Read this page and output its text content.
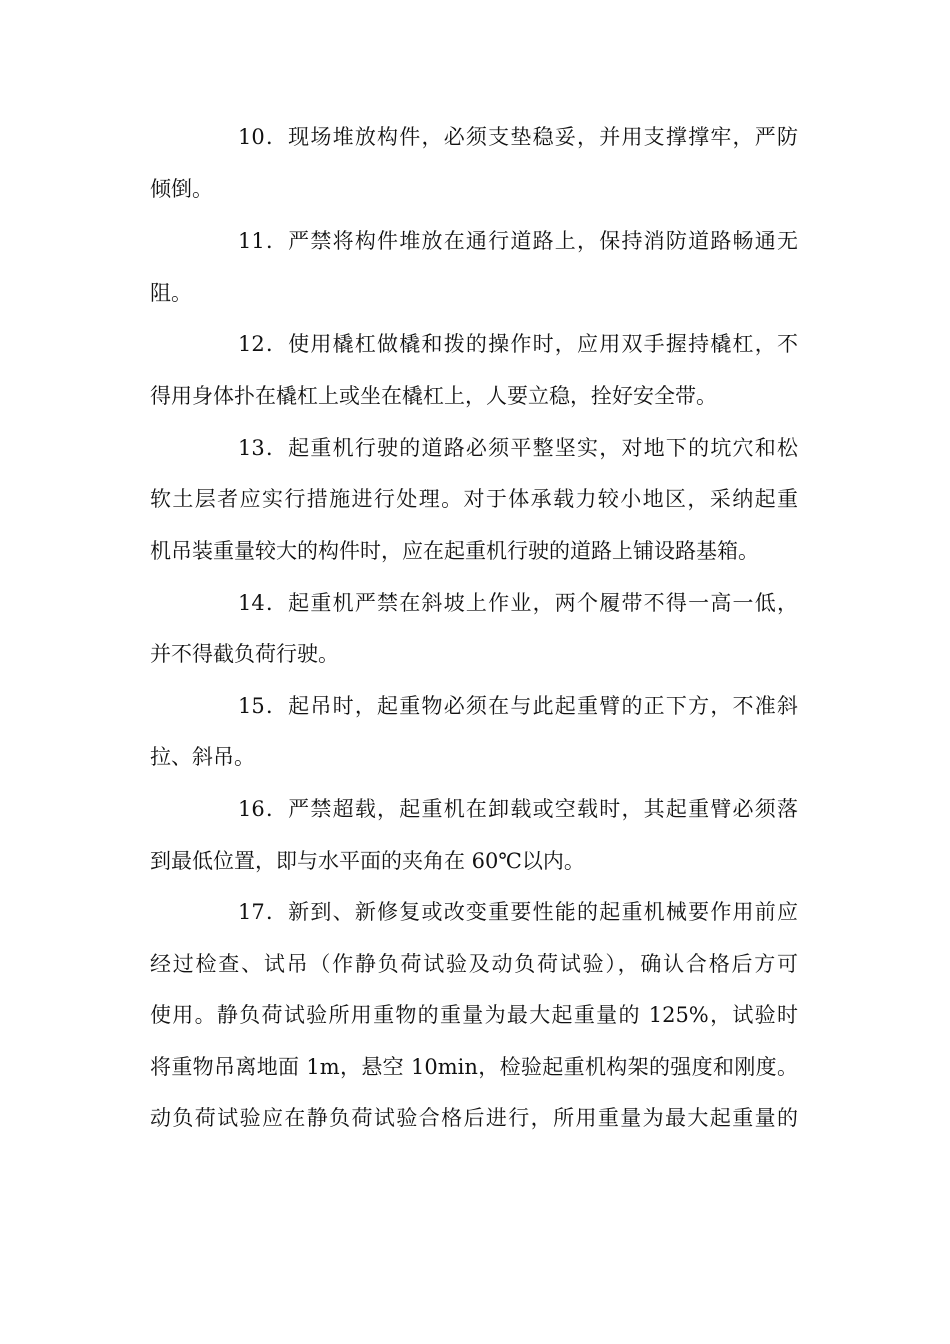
10．现场堆放构件，必须支垫稳妥，并用支撑撑牢，严防
倾倒。
11．严禁将构件堆放在通行道路上，保持消防道路畅通无
阻。
12．使用橇杠做橇和拨的操作时，应用双手握持橇杠，不
得用身体扑在橇杠上或坐在橇杠上，人要立稳，拴好安全带。
13．起重机行驶的道路必须平整坚实，对地下的坑穴和松
软土层者应实行措施进行处理。对于体承载力较小地区，采纳起重
机吊装重量较大的构件时，应在起重机行驶的道路上铺设路基箱。
14．起重机严禁在斜坡上作业，两个履带不得一高一低，
并不得截负荷行驶。
15．起吊时，起重物必须在与此起重臂的正下方，不准斜
拉、斜吊。
16．严禁超载，起重机在卸载或空载时，其起重臂必须落
到最低位置，即与水平面的夹角在 60℃以内。
17．新到、新修复或改变重要性能的起重机械要作用前应
经过检查、试吊（作静负荷试验及动负荷试验），确认合格后方可
使用。静负荷试验所用重物的重量为最大起重量的 125%，试验时
将重物吊离地面 1m，悬空 10min，检验起重机构架的强度和刚度。
动负荷试验应在静负荷试验合格后进行，所用重量为最大起重量的
